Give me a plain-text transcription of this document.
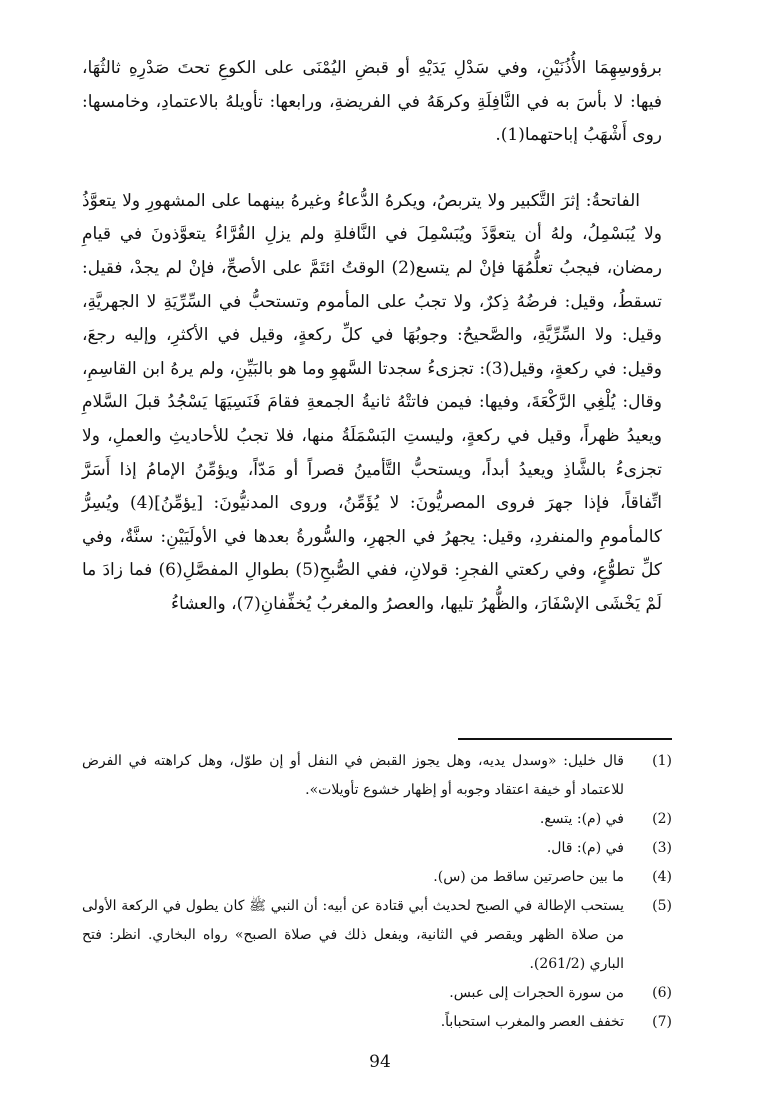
برؤوسِهِمَا الأُذُنَيْنِ، وفي سَدْلِ يَدَيْهِ أو قبضِ اليُمْنَى على الكوعِ تحتَ صَدْرِهِ ثالثُهَا، فيها: لا بأسَ به في النَّافِلَةِ وكرهَهُ في الفريضةِ، ورابعها: تأويلهُ بالاعتمادِ، وخامسها: روى أَشْهَبُ إباحتهما(1).

الفاتحةُ: إثرَ التَّكبير ولا يتربصُ، ويكرهُ الدُّعاءُ وغيرهُ بينهما على المشهورِ ولا يتعوَّذُ ولا يُبَسْمِلُ، ولهُ أن يتعوَّذَ ويُبَسْمِلَ في النَّافلةِ ولم يزلِ القُرَّاءُ يتعوَّذونَ في قيامِ رمضان، فيجبُ تعلُّمُهَا فإنْ لم يتسع(2) الوقتُ ائتَمَّ على الأصحِّ، فإنْ لم يجدْ، فقيل: تسقطُ، وقيل: فرضُهُ ذِكرٌ، ولا تجبُ على المأموم وتستحبُّ في السِّرِّيَةِ لا الجهريَّةِ، وقيل: ولا السِّرِّيَّةِ، والصَّحيحُ: وجوبُهَا في كلِّ ركعةٍ، وقيل في الأكثرِ، وإليه رجعَ، وقيل: في ركعةٍ، وقيل(3): تجزىءُ سجدتا السَّهوِ وما هو بالبَيِّنِ، ولم يرهُ ابن القاسِمِ، وقال: يُلْغِي الرَّكْعَةَ، وفيها: فيمن فاتتْهُ ثانيةُ الجمعةِ فقامَ فَنَسِيَهَا يَسْجُدُ قبلَ السَّلامِ ويعيدُ ظهراً، وقيل في ركعةٍ، وليستِ البَسْمَلَةُ منها، فلا تجبُ للأحاديثِ والعملِ، ولا تجزىءُ بالشَّاذِ ويعيدُ أبداً، ويستحبُّ التَّأمينُ قصراً أو مَدّاً، ويؤمِّنُ الإمامُ إذا أَسَرَّ اتِّفاقاً، فإذا جهرَ فروى المصريُّونَ: لا يُؤَمِّنُ، وروى المدنيُّونَ: [يؤمِّنُ](4) ويُسِرُّ كالمأمومِ والمنفردِ، وقيل: يجهرُ في الجهرِ، والسُّورةُ بعدها في الأولَيَيْنِ: سنَّةٌ، وفي كلِّ تطوُّعٍ، وفي ركعتي الفجرِ: قولانِ، ففي الصُّبحِ(5) بطوالِ المفصَّلِ(6) فما زادَ ما لَمْ يَخْشَى الإسْفَارَ، والظُّهرُ تليها، والعصرُ والمغربُ يُخفِّفانِ(7)، والعشاءُ

(1)
قال خليل: «وسدل يديه، وهل يجوز القبض في النفل أو إن طوّل، وهل كراهته في الفرض للاعتماد أو خيفة اعتقاد وجوبه أو إظهار خشوع تأويلات».
(2)
في (م): يتسع.
(3)
في (م): قال.
(4)
ما بين حاصرتين ساقط من (س).
(5)
يستحب الإطالة في الصبح لحديث أبي قتادة عن أبيه: أن النبي ﷺ كان يطول في الركعة الأولى من صلاة الظهر ويقصر في الثانية، ويفعل ذلك في صلاة الصبح» رواه البخاري. انظر: فتح الباري (261/2).
(6)
من سورة الحجرات إلى عبس.
(7)
تخفف العصر والمغرب استحباباً.
94
